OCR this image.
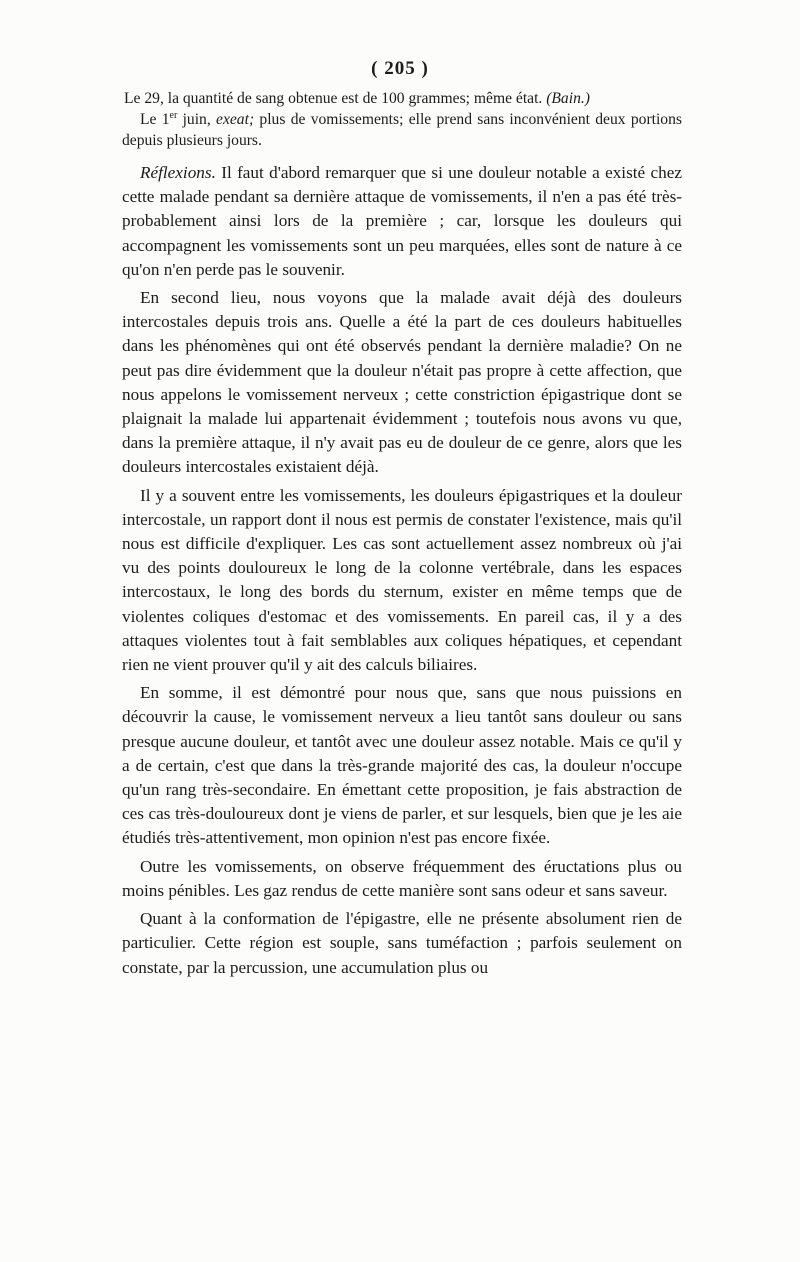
( 205 )

Le 29, la quantité de sang obtenue est de 100 grammes; même état. (Bain.)

Le 1er juin, exeat; plus de vomissements; elle prend sans inconvénient deux portions depuis plusieurs jours.

Réflexions. Il faut d'abord remarquer que si une douleur notable a existé chez cette malade pendant sa dernière attaque de vomissements, il n'en a pas été très-probablement ainsi lors de la première ; car, lorsque les douleurs qui accompagnent les vomissements sont un peu marquées, elles sont de nature à ce qu'on n'en perde pas le souvenir.

En second lieu, nous voyons que la malade avait déjà des douleurs intercostales depuis trois ans. Quelle a été la part de ces douleurs habituelles dans les phénomènes qui ont été observés pendant la dernière maladie? On ne peut pas dire évidemment que la douleur n'était pas propre à cette affection, que nous appelons le vomissement nerveux ; cette constriction épigastrique dont se plaignait la malade lui appartenait évidemment ; toutefois nous avons vu que, dans la première attaque, il n'y avait pas eu de douleur de ce genre, alors que les douleurs intercostales existaient déjà.

Il y a souvent entre les vomissements, les douleurs épigastriques et la douleur intercostale, un rapport dont il nous est permis de constater l'existence, mais qu'il nous est difficile d'expliquer. Les cas sont actuellement assez nombreux où j'ai vu des points douloureux le long de la colonne vertébrale, dans les espaces intercostaux, le long des bords du sternum, exister en même temps que de violentes coliques d'estomac et des vomissements. En pareil cas, il y a des attaques violentes tout à fait semblables aux coliques hépatiques, et cependant rien ne vient prouver qu'il y ait des calculs biliaires.

En somme, il est démontré pour nous que, sans que nous puissions en découvrir la cause, le vomissement nerveux a lieu tantôt sans douleur ou sans presque aucune douleur, et tantôt avec une douleur assez notable. Mais ce qu'il y a de certain, c'est que dans la très-grande majorité des cas, la douleur n'occupe qu'un rang très-secondaire. En émettant cette proposition, je fais abstraction de ces cas très-douloureux dont je viens de parler, et sur lesquels, bien que je les aie étudiés très-attentivement, mon opinion n'est pas encore fixée.

Outre les vomissements, on observe fréquemment des éructations plus ou moins pénibles. Les gaz rendus de cette manière sont sans odeur et sans saveur.

Quant à la conformation de l'épigastre, elle ne présente absolument rien de particulier. Cette région est souple, sans tuméfaction ; parfois seulement on constate, par la percussion, une accumulation plus ou
